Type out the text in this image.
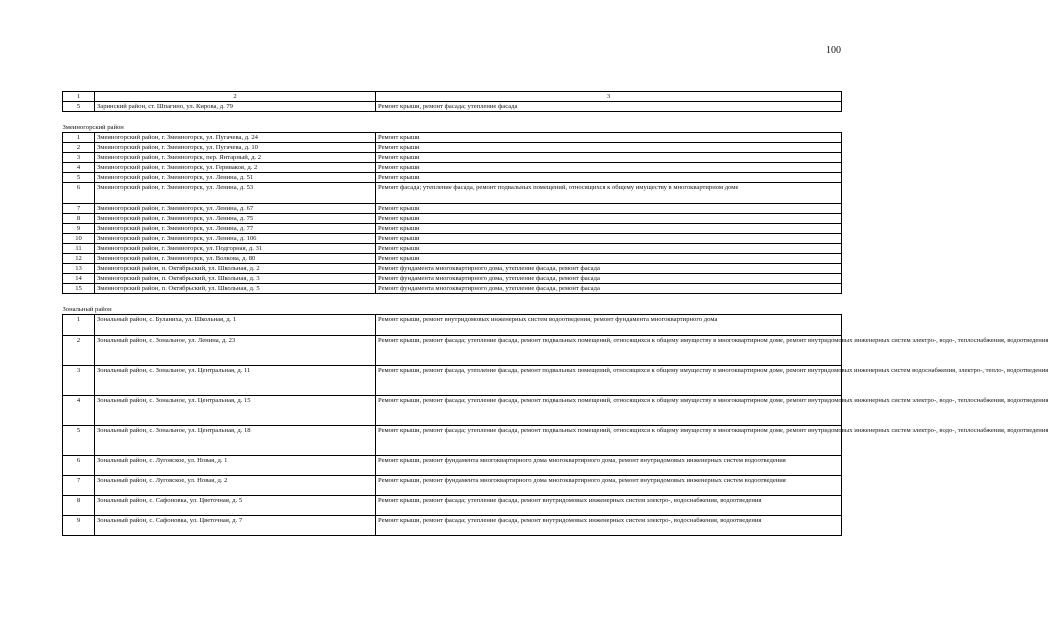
100
1	2	3
5	Заринский район, ст. Шпагино, ул. Кирова, д. 79	Ремонт крыши, ремонт фасада; утепление фасада
Змеиногорский район		
1	Змеиногорский район, г. Змеиногорск, ул. Пугачева, д. 24	Ремонт крыши
2	Змеиногорский район, г. Змеиногорск, ул. Пугачева, д. 10	Ремонт крыши
3	Змеиногорский район, г. Змеиногорск, пер. Янтарный, д. 2	Ремонт крыши
4	Змеиногорский район, г. Змеиногорск, ул. Гериваков, д. 2	Ремонт крыши
5	Змеиногорский район, г. Змеиногорск, ул. Ленина, д. 51	Ремонт крыши
6	Змеиногорский район, г. Змеиногорск, ул. Ленина, д. 53	Ремонт фасада; утепление фасада, ремонт подвальных помещений, относящихся к общему имуществу в многоквартирном доме
7	Змеиногорский район, г. Змеиногорск, ул. Ленина, д. 67	Ремонт крыши
8	Змеиногорский район, г. Змеиногорск, ул. Ленина, д. 75	Ремонт крыши
9	Змеиногорский район, г. Змеиногорск, ул. Ленина, д. 77	Ремонт крыши
10	Змеиногорский район, г. Змеиногорск, ул. Ленина, д. 106	Ремонт крыши
11	Змеиногорский район, г. Змеиногорск, ул. Подгорная, д. 31	Ремонт крыши
12	Змеиногорский район, г. Змеиногорск, ул. Волкова, д. 80	Ремонт крыши
13	Змеиногорский район, п. Октябрьский, ул. Школьная, д. 2	Ремонт фундамента многоквартирного дома, утепление фасада, ремонт фасада
14	Змеиногорский район, п. Октябрьский, ул. Школьная, д. 3	Ремонт фундамента многоквартирного дома, утепление фасада, ремонт фасада
15	Змеиногорский район, п. Октябрьский, ул. Школьная, д. 5	Ремонт фундамента многоквартирного дома, утепление фасада, ремонт фасада
Зональный район		
1	Зональный район, с. Буланиха, ул. Школьная, д. 1	Ремонт крыши, ремонт внутридомовых инженерных систем водоотведения, ремонт фундамента многоквартирного дома
2	Зональный район, с. Зональное, ул. Ленина, д. 23	Ремонт крыши, ремонт фасада; утепление фасада, ремонт подвальных помещений, относящихся к общему имуществу в многоквартирном доме, ремонт внутридомовых инженерных систем электро-, водо-, теплоснабжения, водоотведения
3	Зональный район, с. Зональное, ул. Центральная, д. 11	Ремонт крыши, ремонт фасада, утепление фасада, ремонт подвальных помещений, относящихся к общему имуществу в многоквартирном доме, ремонт внутридомовых инженерных систем водоснабжения, электро-, тепло-, водоотведения
4	Зональный район, с. Зональное, ул. Центральная, д. 15	Ремонт крыши, ремонт фасада; утепление фасада, ремонт подвальных помещений, относящихся к общему имуществу в многоквартирном доме, ремонт внутридомовых инженерных систем электро-, водо-, теплоснабжения, водоотведения
5	Зональный район, с. Зональное, ул. Центральная, д. 18	Ремонт крыши, ремонт фасада; утепление фасада, ремонт подвальных помещений, относящихся к общему имуществу в многоквартирном доме, ремонт внутридомовых инженерных систем электро-, водо-, теплоснабжения, водоотведения
6	Зональный район, с. Луговское, ул. Новая, д. 1	Ремонт крыши, ремонт фундамента многоквартирного дома многоквартирного дома, ремонт внутридомовых инженерных систем водоотведения
7	Зональный район, с. Луговское, ул. Новая, д. 2	Ремонт крыши, ремонт фундамента многоквартирного дома многоквартирного дома, ремонт внутридомовых инженерных систем водоотведения
8	Зональный район, с. Сафоновка, ул. Цветочная, д. 5	Ремонт крыши, ремонт фасада; утепление фасада, ремонт внутридомовых инженерных систем электро-, водоснабжения, водоотведения
9	Зональный район, с. Сафоновка, ул. Цветочная, д. 7	Ремонт крыши, ремонт фасада; утепление фасада, ремонт внутридомовых инженерных систем электро-, водоснабжения, водоотведения
